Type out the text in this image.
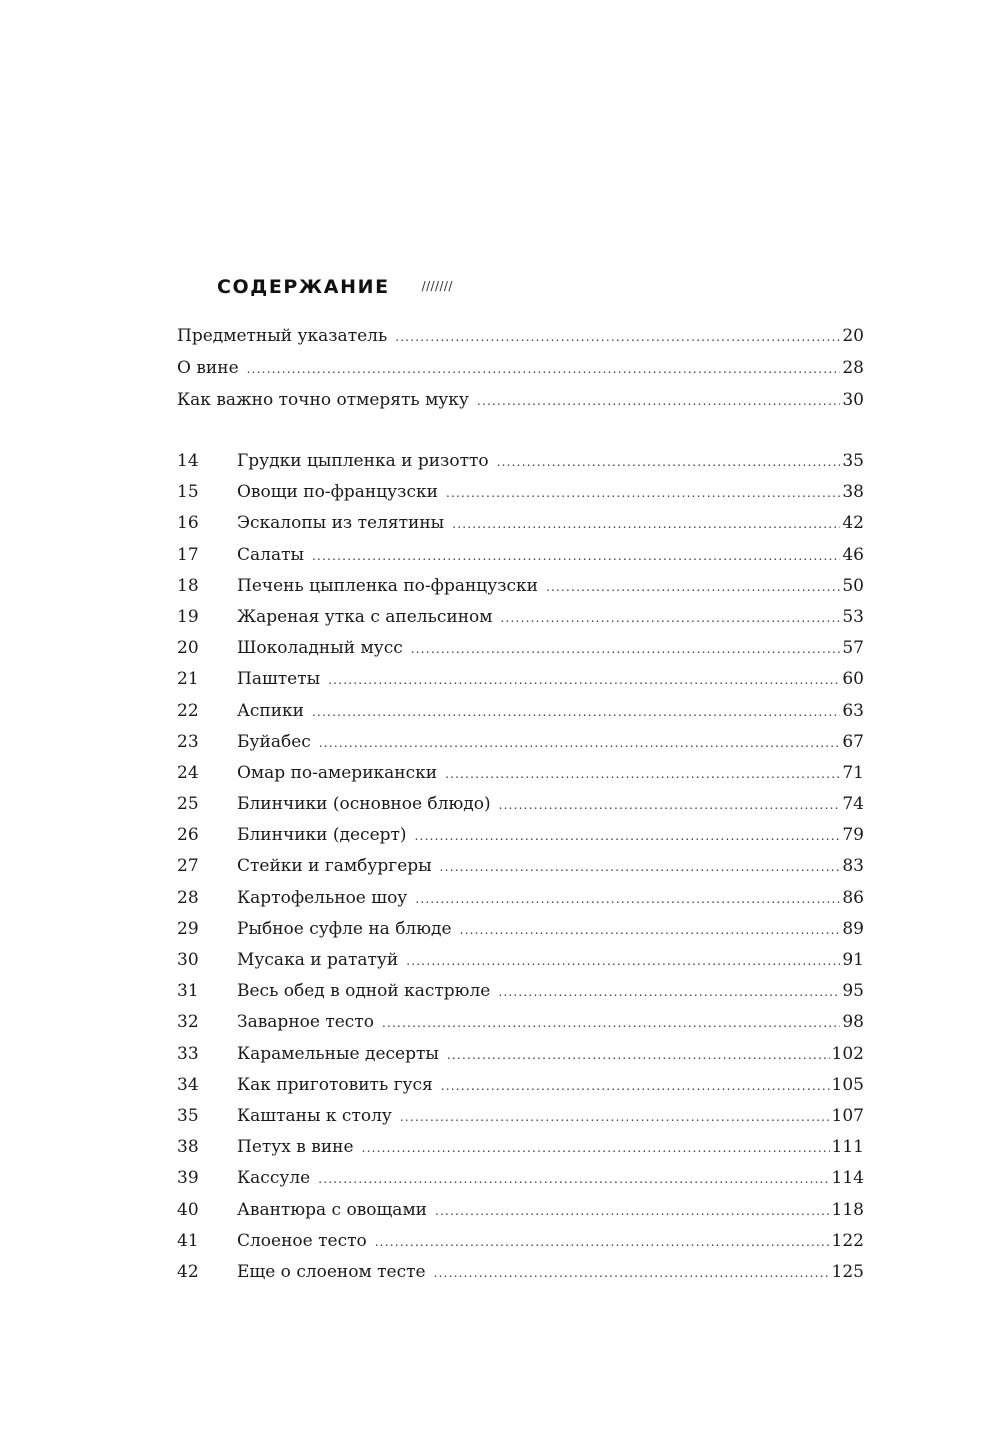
СОДЕРЖАНИЕ	///////
Предметный указатель .....	20
О вине .....	28
Как важно точно отмерять муку .....	30
14	Грудки цыпленка и ризотто .....	35
15	Овощи по-французски .....	38
16	Эскалопы из телятины .....	42
17	Салаты .....	46
18	Печень цыпленка по-французски .....	50
19	Жареная утка с апельсином .....	53
20	Шоколадный мусс .....	57
21	Паштеты .....	60
22	Аспики .....	63
23	Буйабес .....	67
24	Омар по-американски .....	71
25	Блинчики (основное блюдо) .....	74
26	Блинчики (десерт) .....	79
27	Стейки и гамбургеры .....	83
28	Картофельное шоу .....	86
29	Рыбное суфле на блюде .....	89
30	Мусака и рататуй .....	91
31	Весь обед в одной кастрюле .....	95
32	Заварное тесто .....	98
33	Карамельные десерты .....	102
34	Как приготовить гуся .....	105
35	Каштаны к столу .....	107
38	Петух в вине .....	111
39	Кассуле .....	114
40	Авантюра с овощами .....	118
41	Слоеное тесто .....	122
42	Еще о слоеном тесте .....	125
